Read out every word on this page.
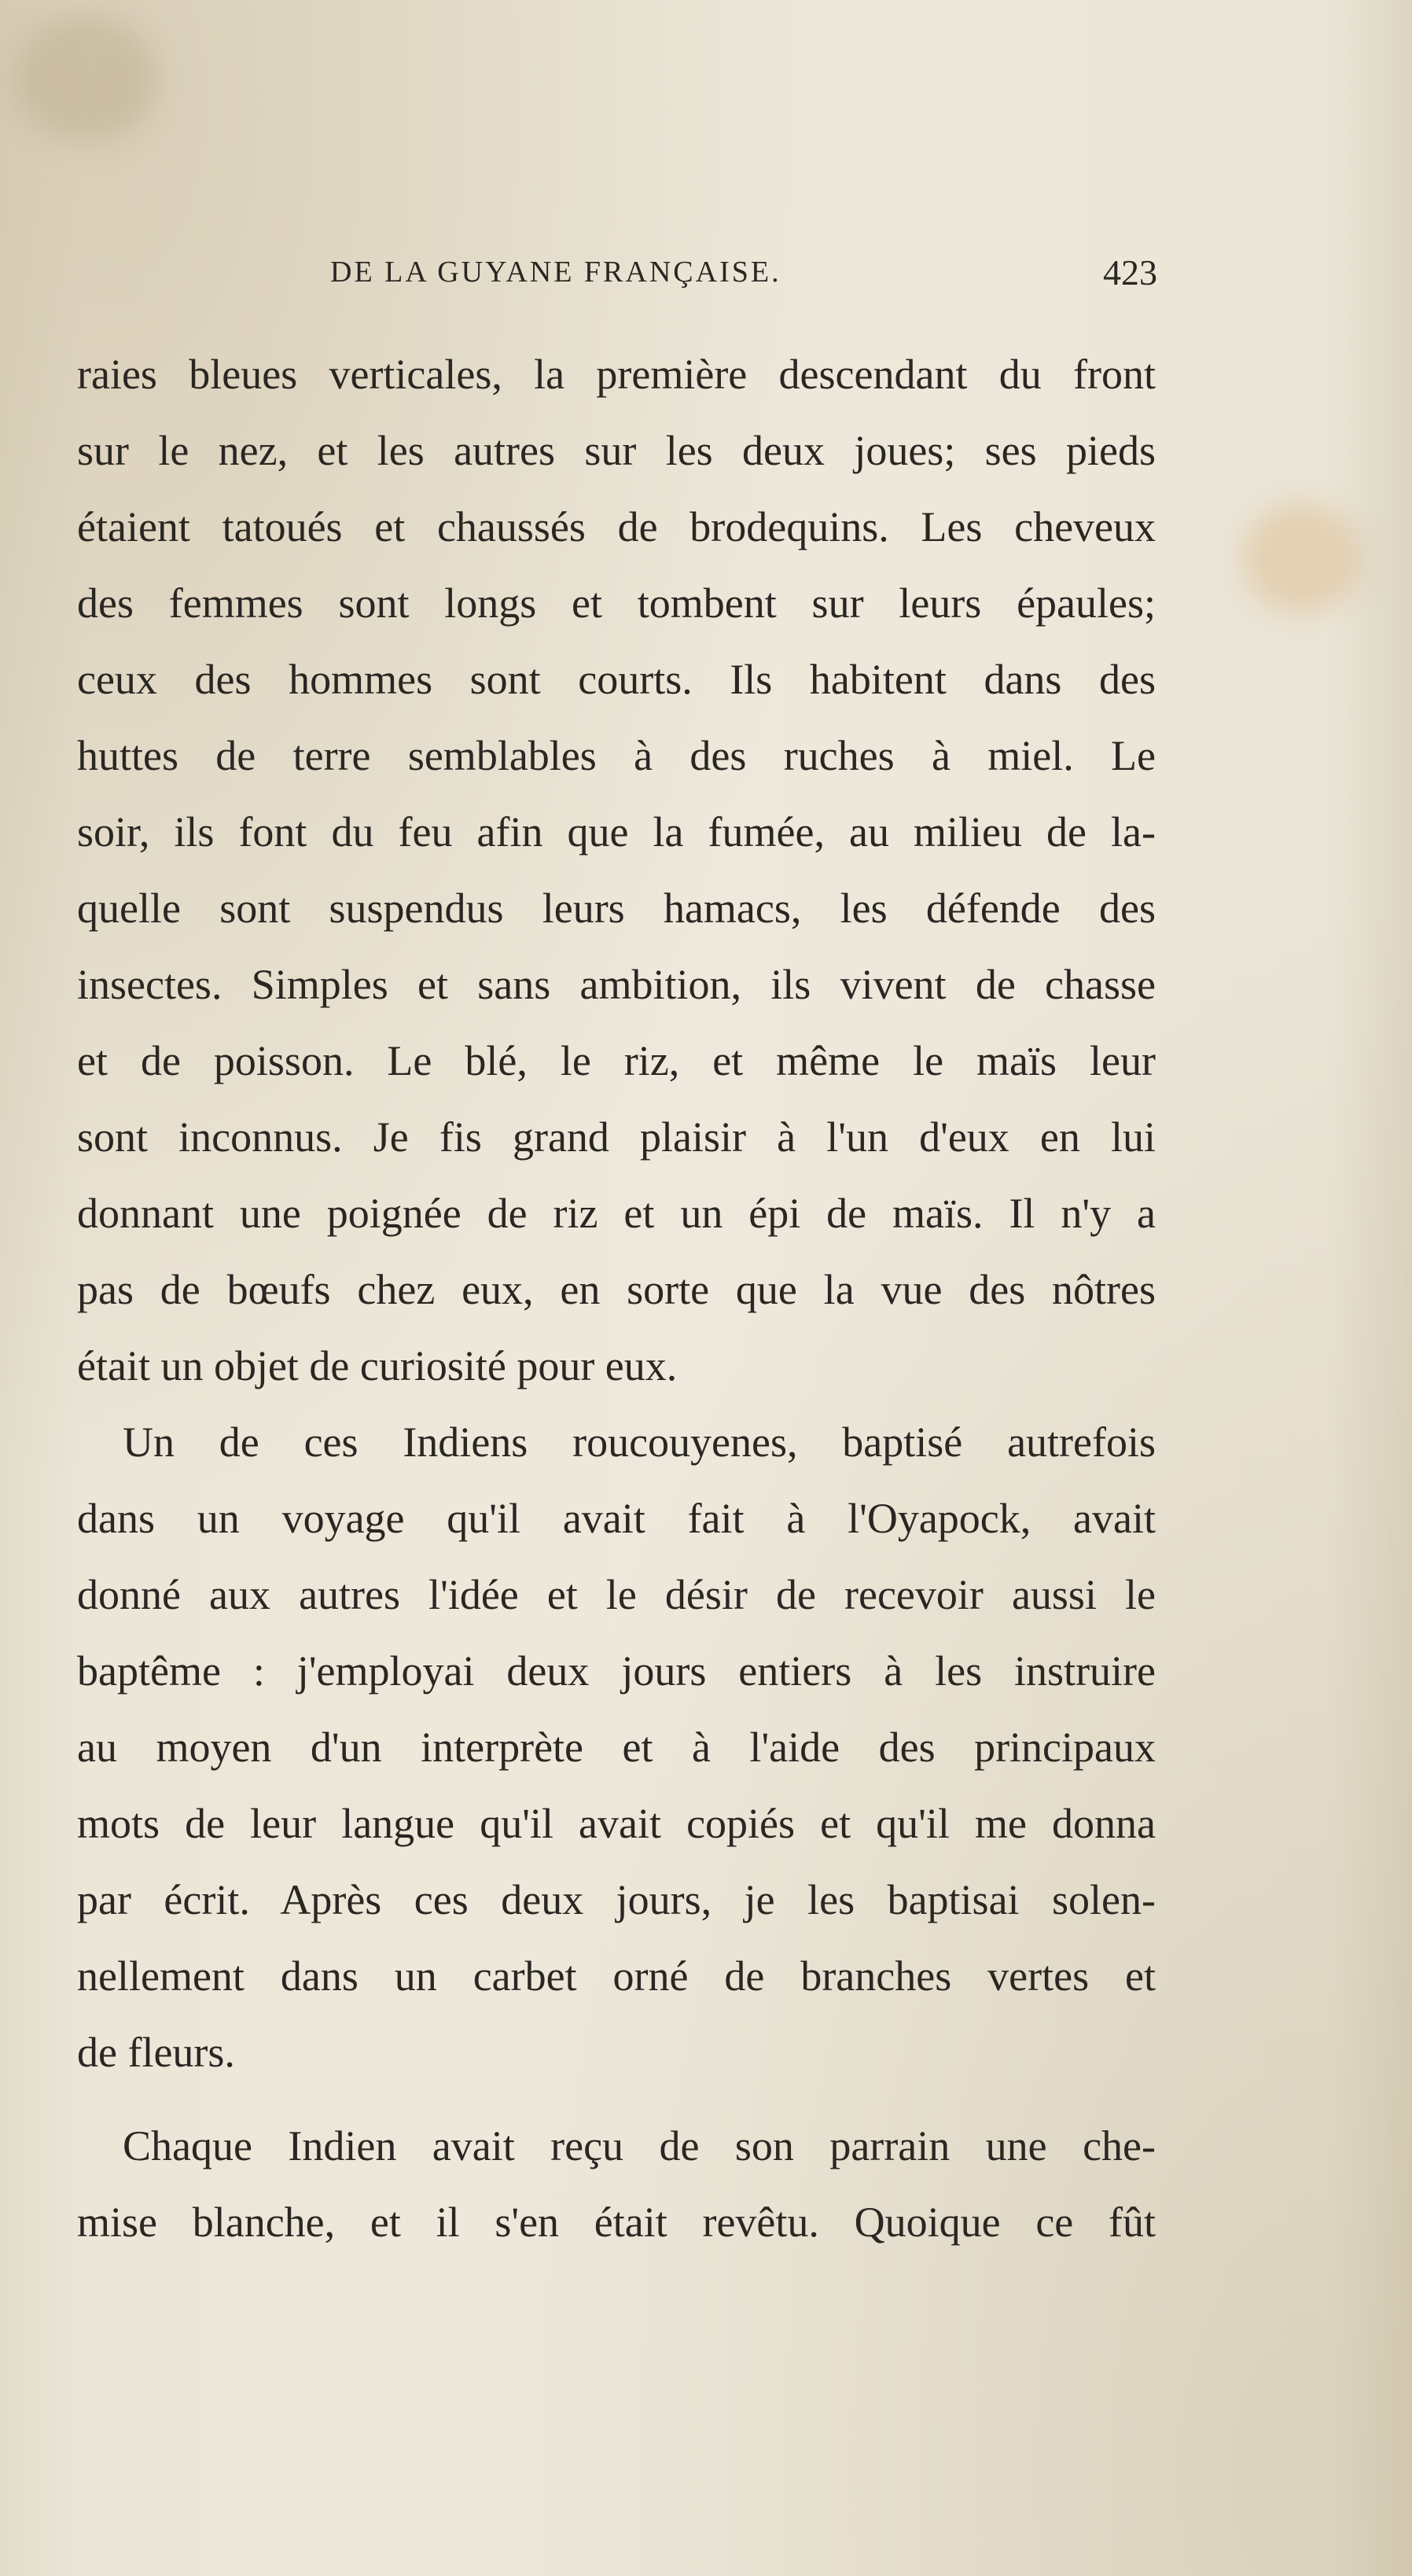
DE LA GUYANE FRANÇAISE.	423
raies bleues verticales, la première descendant du front
sur le nez, et les autres sur les deux joues; ses pieds
étaient tatoués et chaussés de brodequins. Les cheveux
des femmes sont longs et tombent sur leurs épaules;
ceux des hommes sont courts. Ils habitent dans des
huttes de terre semblables à des ruches à miel. Le
soir, ils font du feu afin que la fumée, au milieu de la-
quelle sont suspendus leurs hamacs, les défende des
insectes. Simples et sans ambition, ils vivent de chasse
et de poisson. Le blé, le riz, et même le maïs leur
sont inconnus. Je fis grand plaisir à l'un d'eux en lui
donnant une poignée de riz et un épi de maïs. Il n'y a
pas de bœufs chez eux, en sorte que la vue des nôtres
était un objet de curiosité pour eux.
Un de ces Indiens roucouyenes, baptisé autrefois
dans un voyage qu'il avait fait à l'Oyapock, avait
donné aux autres l'idée et le désir de recevoir aussi le
baptême : j'employai deux jours entiers à les instruire
au moyen d'un interprète et à l'aide des principaux
mots de leur langue qu'il avait copiés et qu'il me donna
par écrit. Après ces deux jours, je les baptisai solen-
nellement dans un carbet orné de branches vertes et
de fleurs.
Chaque Indien avait reçu de son parrain une che-
mise blanche, et il s'en était revêtu. Quoique ce fût
